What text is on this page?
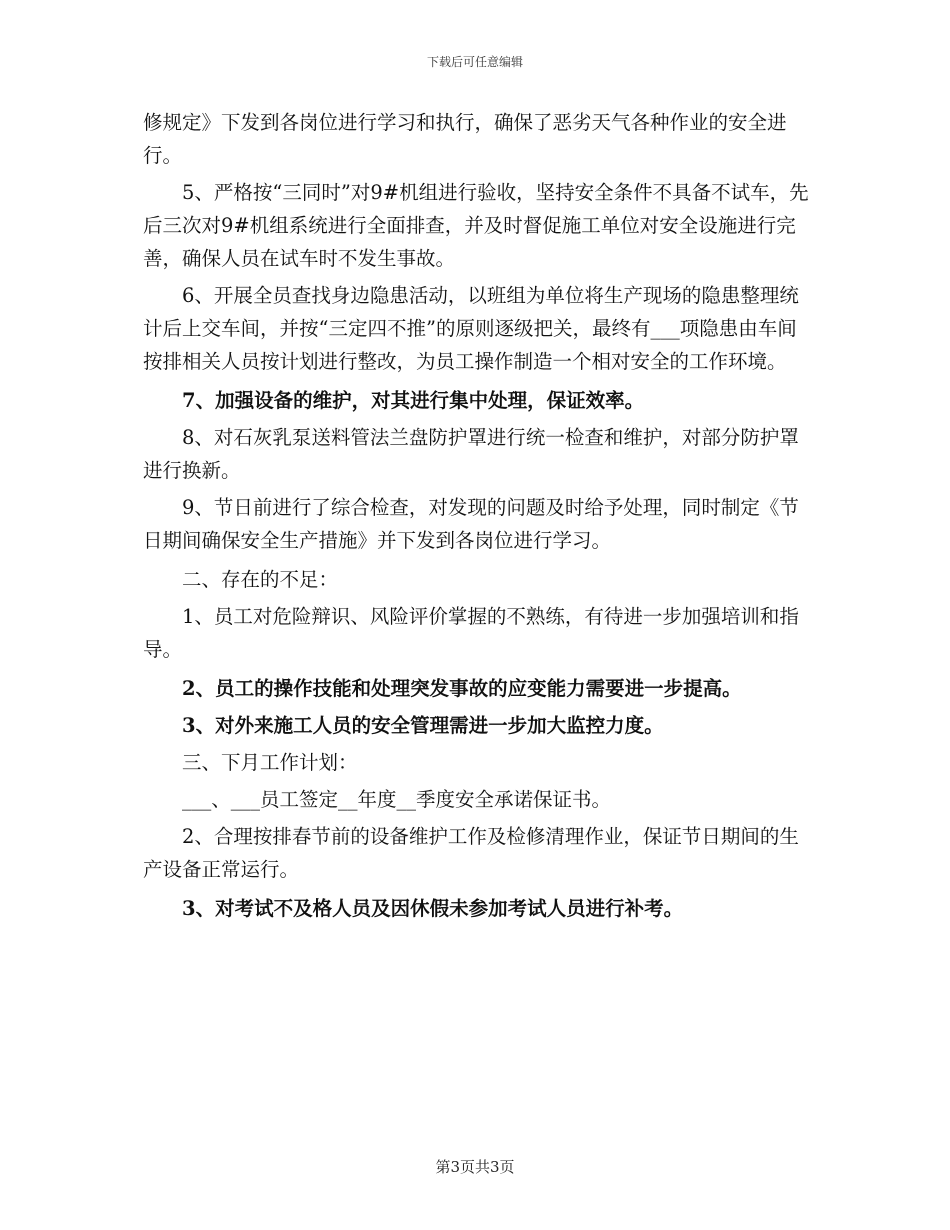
下载后可任意编辑

修规定》下发到各岗位进行学习和执行，确保了恶劣天气各种作业的安全进行。

5、严格按“三同时”对9#机组进行验收，坚持安全条件不具备不试车，先后三次对9#机组系统进行全面排查，并及时督促施工单位对安全设施进行完善，确保人员在试车时不发生事故。

6、开展全员查找身边隐患活动，以班组为单位将生产现场的隐患整理统计后上交车间，并按“三定四不推”的原则逐级把关，最终有___项隐患由车间按排相关人员按计划进行整改，为员工操作制造一个相对安全的工作环境。

7、加强设备的维护，对其进行集中处理，保证效率。

8、对石灰乳泵送料管法兰盘防护罩进行统一检查和维护，对部分防护罩进行换新。

9、节日前进行了综合检查，对发现的问题及时给予处理，同时制定《节日期间确保安全生产措施》并下发到各岗位进行学习。

二、存在的不足：

1、员工对危险辩识、风险评价掌握的不熟练，有待进一步加强培训和指导。

2、员工的操作技能和处理突发事故的应变能力需要进一步提高。

3、对外来施工人员的安全管理需进一步加大监控力度。

三、下月工作计划：

___、___员工签定__年度__季度安全承诺保证书。

2、合理按排春节前的设备维护工作及检修清理作业，保证节日期间的生产设备正常运行。

3、对考试不及格人员及因休假未参加考试人员进行补考。

第3页共3页
